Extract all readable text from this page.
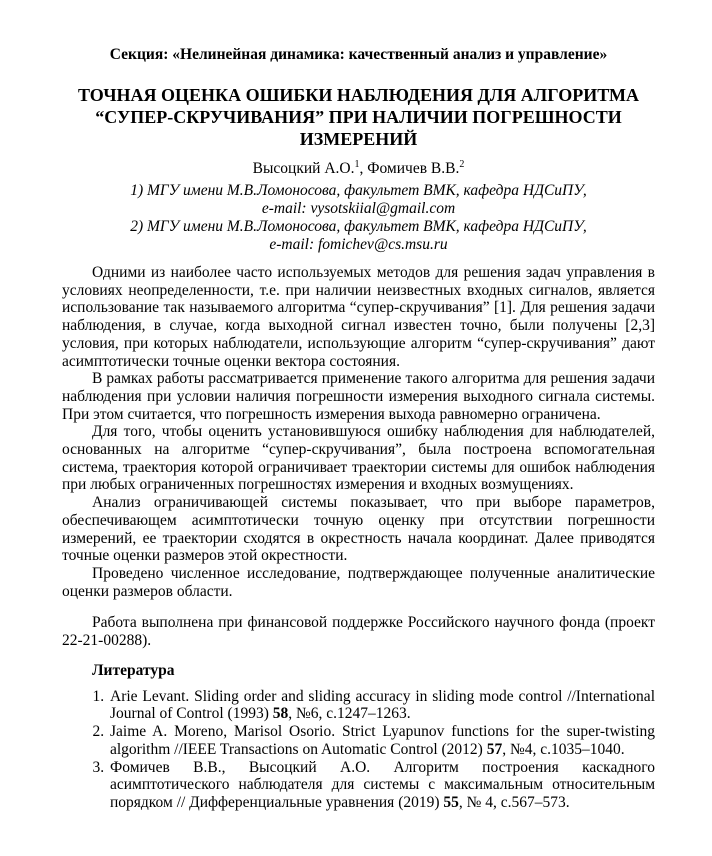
Секция: «Нелинейная динамика: качественный анализ и управление»
ТОЧНАЯ ОЦЕНКА ОШИБКИ НАБЛЮДЕНИЯ ДЛЯ АЛГОРИТМА
“СУПЕР-СКРУЧИВАНИЯ” ПРИ НАЛИЧИИ ПОГРЕШНОСТИ
ИЗМЕРЕНИЙ
Высоцкий А.О.$^1$, Фомичев В.В.$^2$
1) МГУ имени М.В.Ломоносова, факультет ВМК, кафедра НДСиПУ,
e-mail: vysotskiial@gmail.com
2) МГУ имени М.В.Ломоносова, факультет ВМК, кафедра НДСиПУ,
e-mail: fomichev@cs.msu.ru

Одними из наиболее часто используемых методов для решения задач управления в условиях неопределенности, т.е. при наличии неизвестных входных сигналов, является использование так называемого алгоритма “супер-скручивания” [1]. Для решения задачи наблюдения, в случае, когда выходной сигнал известен точно, были получены [2,3] условия, при которых наблюдатели, использующие алгоритм “супер-скручивания” дают асимптотически точные оценки вектора состояния.

В рамках работы рассматривается применение такого алгоритма для решения задачи наблюдения при условии наличия погрешности измерения выходного сигнала системы. При этом считается, что погрешность измерения выхода равномерно ограничена.

Для того, чтобы оценить установившуюся ошибку наблюдения для наблюдателей, основанных на алгоритме “супер-скручивания”, была построена вспомогательная система, траектория которой ограничивает траектории системы для ошибок наблюдения при любых ограниченных погрешностях измерения и входных возмущениях.

Анализ ограничивающей системы показывает, что при выборе параметров, обеспечивающем асимптотически точную оценку при отсутствии погрешности измерений, ее траектории сходятся в окрестность начала координат. Далее приводятся точные оценки размеров этой окрестности.

Проведено численное исследование, подтверждающее полученные аналитические оценки размеров области.

Работа выполнена при финансовой поддержке Российского научного фонда (проект 22-21-00288).

Литература
1. Arie Levant. Sliding order and sliding accuracy in sliding mode control //International Journal of Control (1993) 58, №6, с.1247–1263.
2. Jaime A. Moreno, Marisol Osorio. Strict Lyapunov functions for the super-twisting algorithm //IEEE Transactions on Automatic Control (2012) 57, №4, с.1035–1040.
3. Фомичев В.В., Высоцкий А.О. Алгоритм построения каскадного асимптотического наблюдателя для системы с максимальным относительным порядком // Дифференциальные уравнения (2019) 55, № 4, с.567–573.
